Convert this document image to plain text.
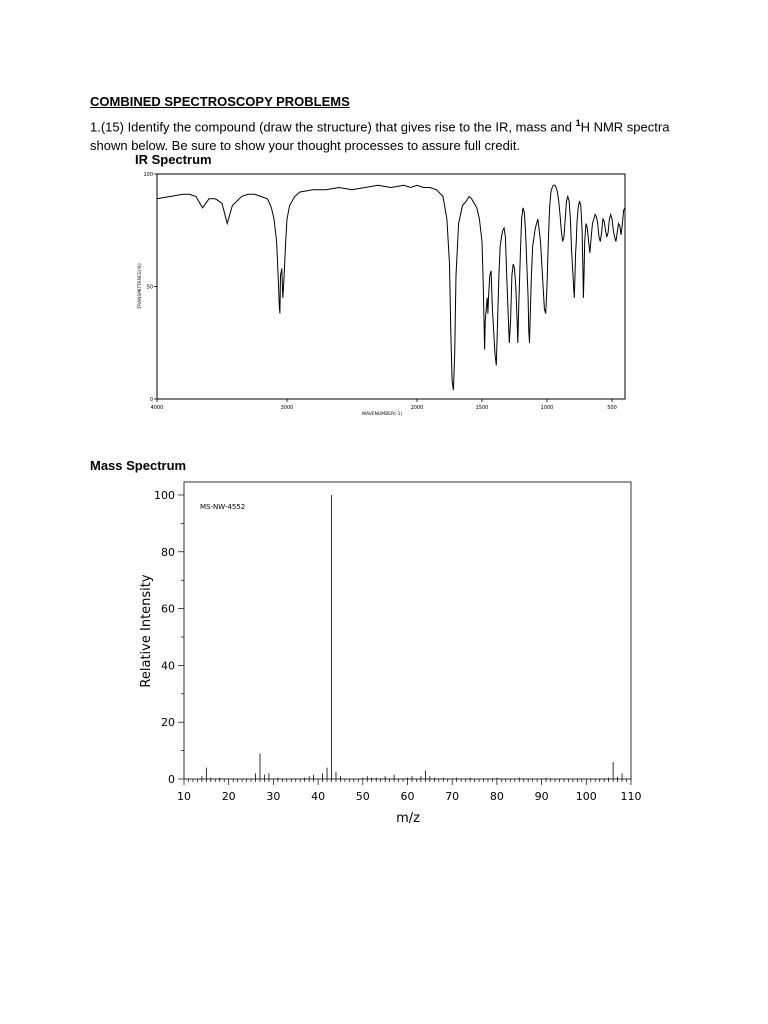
COMBINED SPECTROSCOPY PROBLEMS

1.(15) Identify the compound (draw the structure) that gives rise to the IR, mass and $^1$H NMR spectra shown below. Be sure to show your thought processes to assure full credit.

IR Spectrum
Mass Spectrum
4000	3000	2000	1500	1000	500
0
50
100
WAVENUMBER(-1)
TRANSMITTANCE(%)
10	20	30	40	50	60	70	80	90 100 110
0
20
40
60
80
100
MS-NW-4552
m/z
Relative Intensity
